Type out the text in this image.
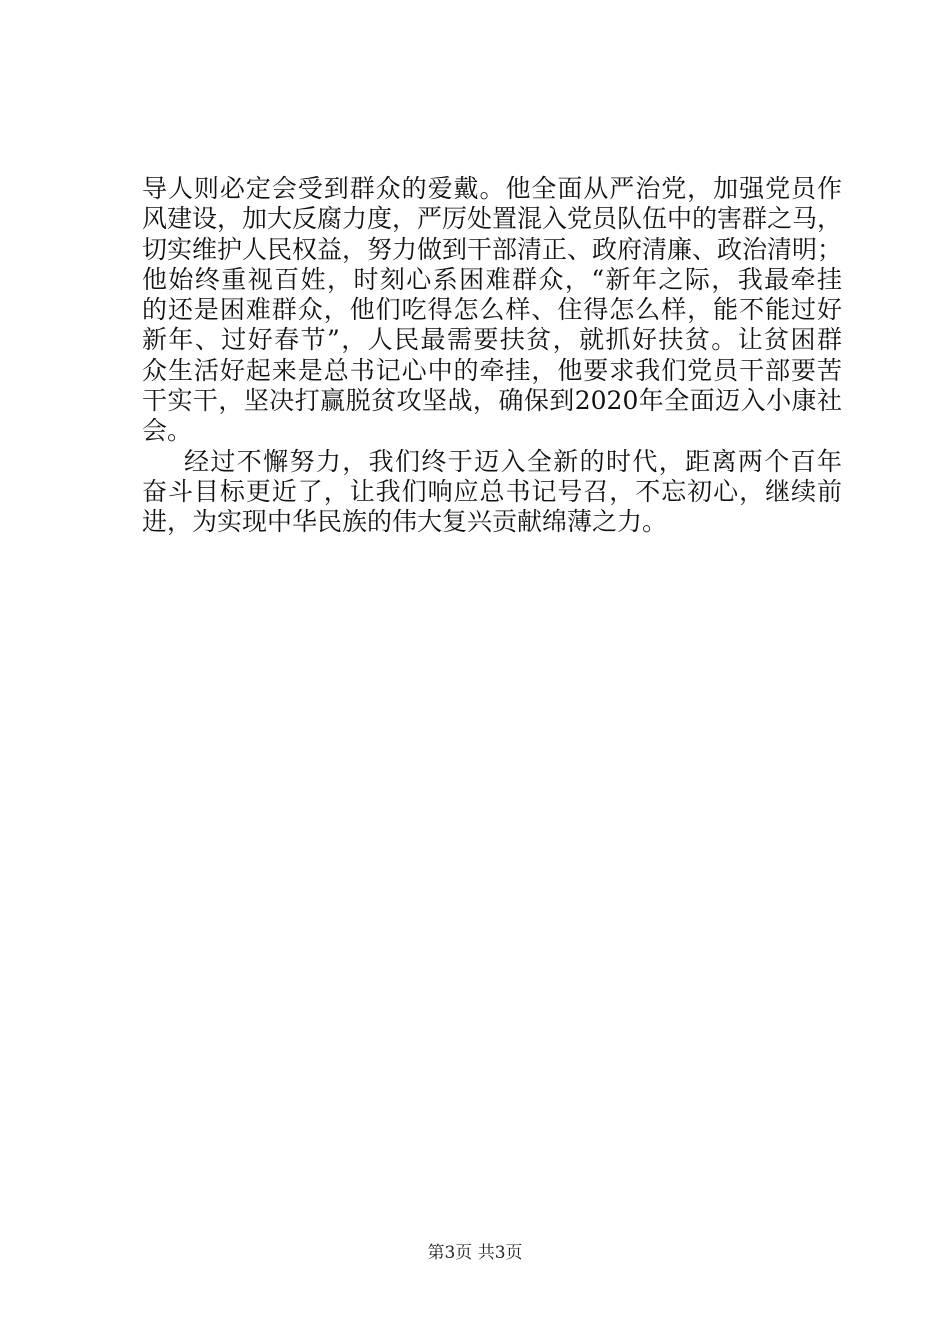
导人则必定会受到群众的爱戴。他全面从严治党，加强党员作
风建设，加大反腐力度，严厉处置混入党员队伍中的害群之马，
切实维护人民权益，努力做到干部清正、政府清廉、政治清明；
他始终重视百姓，时刻心系困难群众，“新年之际，我最牵挂
的还是困难群众，他们吃得怎么样、住得怎么样，能不能过好
新年、过好春节”，人民最需要扶贫，就抓好扶贫。让贫困群
众生活好起来是总书记心中的牵挂，他要求我们党员干部要苦
干实干，坚决打赢脱贫攻坚战，确保到2020年全面迈入小康社
会。
经过不懈努力，我们终于迈入全新的时代，距离两个百年
奋斗目标更近了，让我们响应总书记号召，不忘初心，继续前
进，为实现中华民族的伟大复兴贡献绵薄之力。
第3页 共3页
